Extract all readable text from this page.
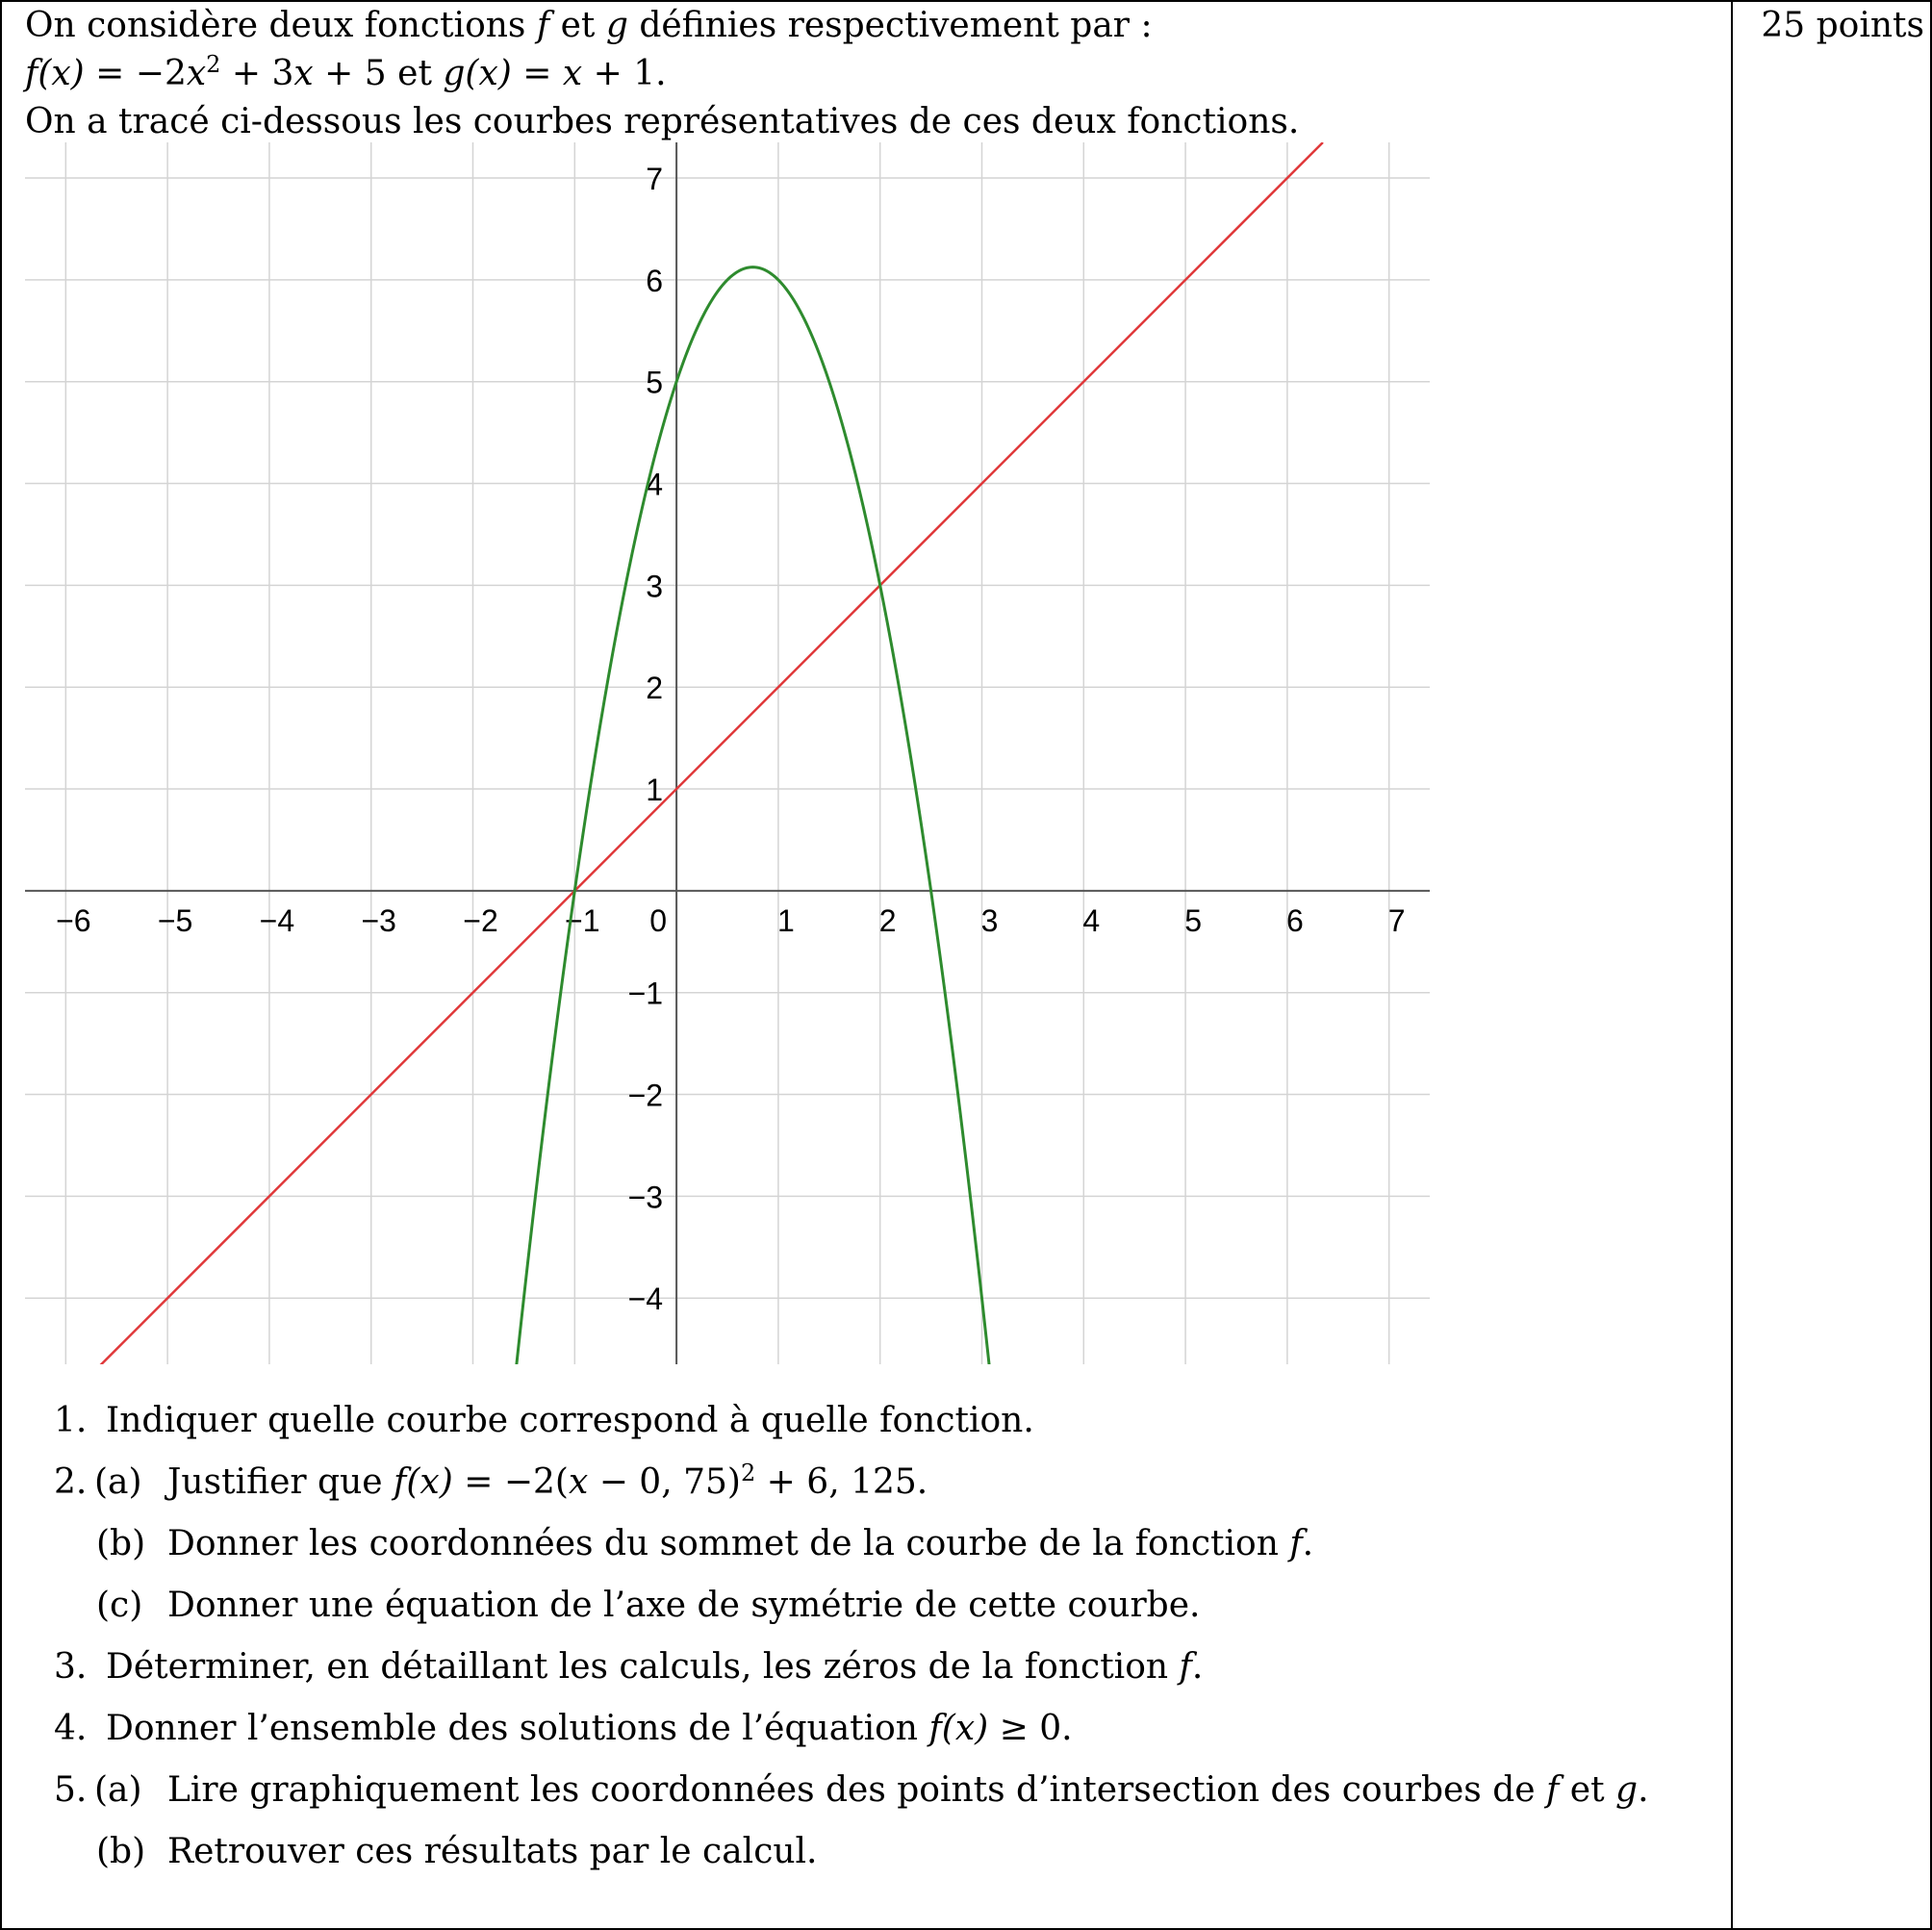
On considère deux fonctions f et g définies respectivement par :
$f(x) = -2x^2 + 3x + 5$ et g(x) = x + 1.
On a tracé ci-dessous les courbes représentatives de ces deux fonctions.
25 points
−6 −5 −4 −3 −2 −1 0	1	2	3	4	5	6	7
7
6
5
4
3
2
1
−1
−2
−3
−4
1. Indiquer quelle courbe correspond à quelle fonction.
2. (a) Justifier que f(x) = −2(x − 0, 75)$^2$ + 6, 125.
(b) Donner les coordonnées du sommet de la courbe de la fonction f.
(c) Donner une équation de l’axe de symétrie de cette courbe.
3. Déterminer, en détaillant les calculs, les zéros de la fonction f.
4. Donner l’ensemble des solutions de l’équation f(x) ≥ 0.
5. (a) Lire graphiquement les coordonnées des points d’intersection des courbes de f et g.
(b) Retrouver ces résultats par le calcul.
